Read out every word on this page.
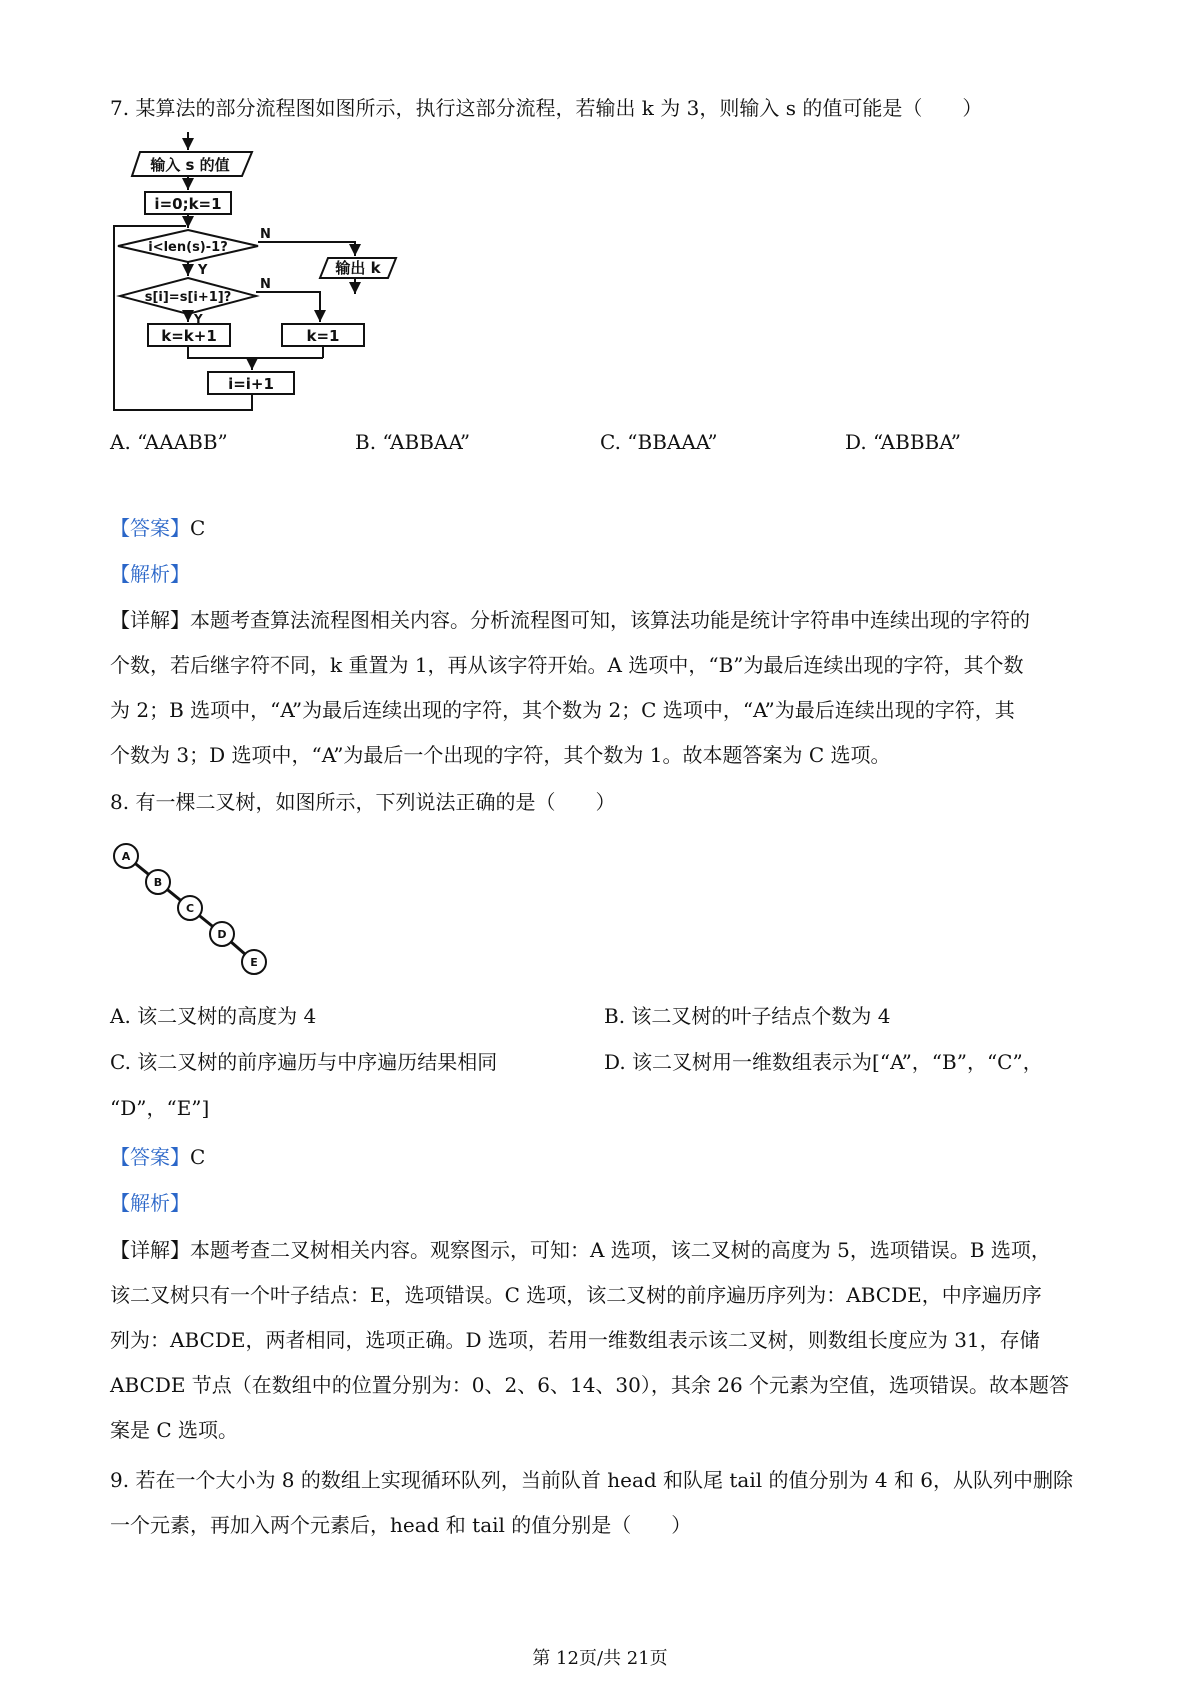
7. 某算法的部分流程图如图所示，执行这部分流程，若输出 k 为 3，则输入 s 的值可能是（　　）
输入 s 的值
i=0;k=1
i<len(s)-1?
N
Y	输出 k
s[i]=s[i+1]?
N
Y
k=k+1	k=1
i=i+1
A. “AAABB”	B. “ABBAA”	C. “BBAAA”	D. “ABBBA”
【答案】C
【解析】
【详解】本题考查算法流程图相关内容。分析流程图可知，该算法功能是统计字符串中连续出现的字符的
个数，若后继字符不同，k 重置为 1，再从该字符开始。A 选项中，“B”为最后连续出现的字符，其个数
为 2；B 选项中，“A”为最后连续出现的字符，其个数为 2；C 选项中，“A”为最后连续出现的字符，其
个数为 3；D 选项中，“A”为最后一个出现的字符，其个数为 1。故本题答案为 C 选项。
8. 有一棵二叉树，如图所示，下列说法正确的是（　　）
A
B
C
D
E
A. 该二叉树的高度为 4	B. 该二叉树的叶子结点个数为 4
C. 该二叉树的前序遍历与中序遍历结果相同	D. 该二叉树用一维数组表示为[“A”，“B”，“C”，
“D”，“E”]
【答案】C
【解析】
【详解】本题考查二叉树相关内容。观察图示，可知：A 选项，该二叉树的高度为 5，选项错误。B 选项，
该二叉树只有一个叶子结点：E，选项错误。C 选项，该二叉树的前序遍历序列为：ABCDE，中序遍历序
列为：ABCDE，两者相同，选项正确。D 选项，若用一维数组表示该二叉树，则数组长度应为 31，存储
ABCDE 节点（在数组中的位置分别为：0、2、6、14、30），其余 26 个元素为空值，选项错误。故本题答
案是 C 选项。
9. 若在一个大小为 8 的数组上实现循环队列，当前队首 head 和队尾 tail 的值分别为 4 和 6，从队列中删除
一个元素，再加入两个元素后，head 和 tail 的值分别是（　　）
第 12页/共 21页
